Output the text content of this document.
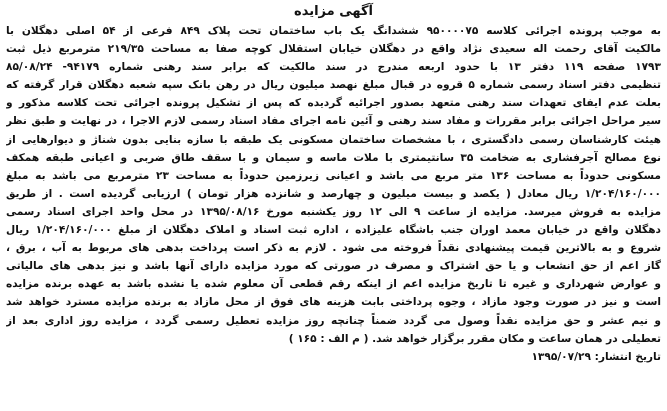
آگهی مزایده
به موجب پرونده اجرائی کلاسه ۹۵۰۰۰۰۷۵ ششدانگ یک باب ساختمان تحت پلاک ۸۴۹ فرعی از ۵۴ اصلی دهگلان با
مالکیت آقای رحمت اله سعیدی نژاد واقع در دهگلان خیابان استقلال کوچه صفا به مساحت ۲۱۹/۳۵ مترمربع ذیل ثبت
۱۷۹۳ صفحه ۱۱۹ دفتر ۱۳ با حدود اربعه مندرج در سند مالکیت که برابر سند رهنی شماره ۹۴۱۷۹- ۸۵/۰۸/۲۴
تنظیمی دفتر اسناد رسمی شماره ۵ قروه در قبال مبلغ نهصد میلیون ریال در رهن بانک سپه شعبه دهگلان قرار گرفته که
بعلت عدم ایفای تعهدات سند رهنی متعهد بصدور اجرائیه گردیده که پس از تشکیل پرونده اجرائی تحت کلاسه مذکور و
سیر مراحل اجرائی برابر مقررات و مفاد سند رهنی و آئین نامه اجرای مفاد اسناد رسمی لازم الاجرا ، در نهایت و طبق نظر
هیئت کارشناسان رسمی دادگستری ، با مشخصات ساختمان مسکونی یک طبقه با سازه بنایی بدون شناژ و دیوارهایی از
نوع مصالح آجرفشاری به ضخامت ۳۵ سانتیمتری با ملات ماسه و سیمان و با سقف طاق ضربی و اعیانی طبقه همکف
مسکونی حدوداً به مساحت ۱۳۶ متر مربع می باشد و اعیانی زیرزمین حدوداً به مساحت ۲۳ مترمربع می باشد به مبلغ
۱/۲۰۴/۱۶۰/۰۰۰ ریال معادل ( یکصد و بیست میلیون و چهارصد و شانزده هزار تومان ) ارزیابی گردیده است . از طریق
مزایده به فروش میرسد. مزایده از ساعت ۹ الی ۱۲ روز یکشنبه مورخ ۱۳۹۵/۰۸/۱۶ در محل واحد اجرای اسناد رسمی
دهگلان واقع در خیابان معمد اوران جنب باشگاه علیزاده ، اداره ثبت اسناد و املاک دهگلان از مبلغ ۱/۲۰۴/۱۶۰/۰۰۰ ریال
شروع و به بالاترین قیمت پیشنهادی نقداً فروخته می شود . لازم به ذکر است پرداخت بدهی های مربوط به آب ، برق ،
گاز اعم از حق انشعاب و یا حق اشتراک و مصرف در صورتی که مورد مزایده دارای آنها باشد و نیز بدهی های مالیاتی
و عوارض شهرداری و غیره تا تاریخ مزایده اعم از اینکه رقم قطعی آن معلوم شده یا نشده باشد به عهده برنده مزایده
است و نیز در صورت وجود مازاد ، وجوه پرداختی بابت هزینه های فوق از محل مازاد به برنده مزایده مسترد خواهد شد
و نیم عشر و حق مزایده نقداً وصول می گردد ضمناً چنانچه روز مزایده تعطیل رسمی گردد ، مزایده روز اداری بعد از
تعطیلی در همان ساعت و مکان مقرر برگزار خواهد شد. ( م الف : ۱۶۵ )
تاریخ انتشار: ۱۳۹۵/۰۷/۲۹
